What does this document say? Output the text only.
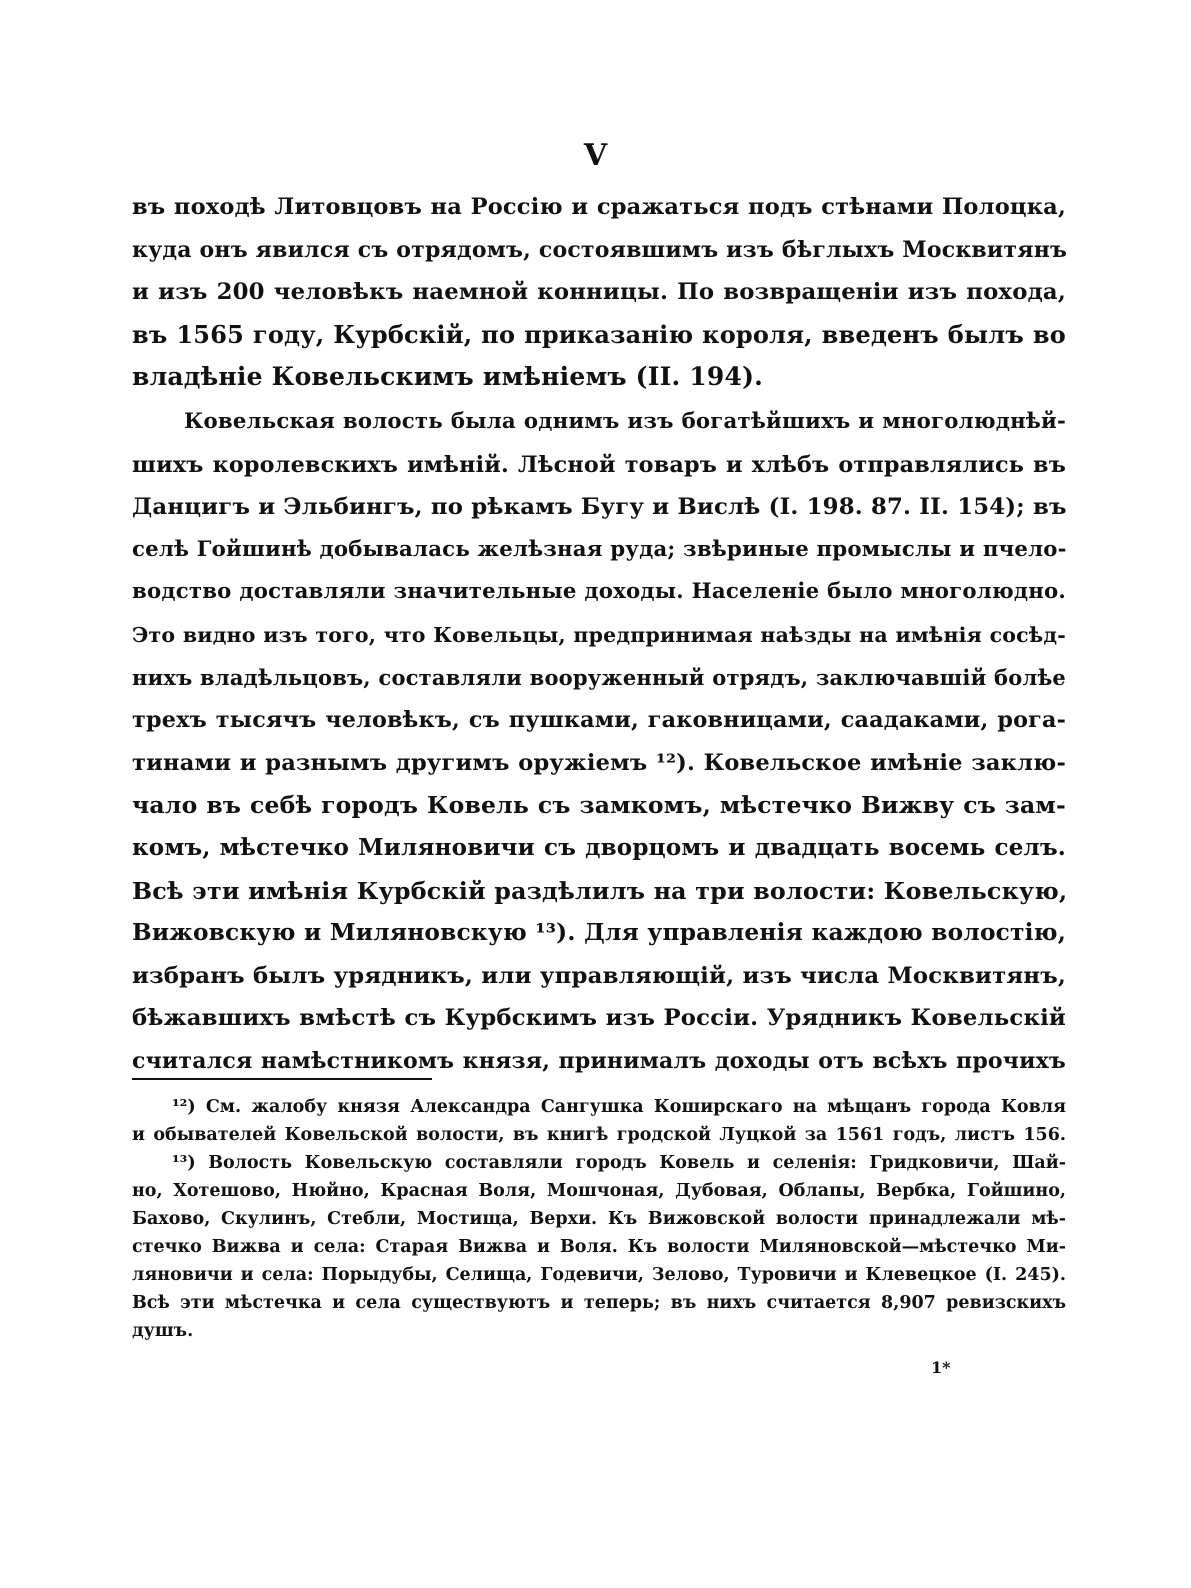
V
въ походѣ Литовцовъ на Россію и сражаться подъ стѣнами Полоцка,
куда онъ явился съ отрядомъ, состоявшимъ изъ бѣглыхъ Москвитянъ
и изъ 200 человѣкъ наемной конницы. По возвращеніи изъ похода,
въ 1565 году, Курбскій, по приказанію короля, введенъ былъ во
владѣніе Ковельскимъ имѣніемъ (II. 194).
Ковельская волость была однимъ изъ богатѣйшихъ и многолюднѣй-
шихъ королевскихъ имѣній. Лѣсной товаръ и хлѣбъ отправлялись въ
Данцигъ и Эльбингъ, по рѣкамъ Бугу и Вислѣ (I. 198. 87. II. 154); въ
селѣ Гойшинѣ добывалась желѣзная руда; звѣриные промыслы и пчело-
водство доставляли значительные доходы. Населеніе было многолюдно.
Это видно изъ того, что Ковельцы, предпринимая наѣзды на имѣнія сосѣд-
нихъ владѣльцовъ, составляли вооруженный отрядъ, заключавшій болѣе
трехъ тысячъ человѣкъ, съ пушками, гаковницами, саадаками, рога-
тинами и разнымъ другимъ оружіемъ ¹²). Ковельское имѣніе заклю-
чало въ себѣ городъ Ковель съ замкомъ, мѣстечко Вижву съ зам-
комъ, мѣстечко Миляновичи съ дворцомъ и двадцать восемь селъ.
Всѣ эти имѣнія Курбскій раздѣлилъ на три волости: Ковельскую,
Вижовскую и Миляновскую ¹³). Для управленія каждою волостію,
избранъ былъ урядникъ, или управляющій, изъ числа Москвитянъ,
бѣжавшихъ вмѣстѣ съ Курбскимъ изъ Россіи. Урядникъ Ковельскій
считался намѣстникомъ князя, принималъ доходы отъ всѣхъ прочихъ
¹²) См. жалобу князя Александра Сангушка Коширскаго на мѣщанъ города Ковля
и обывателей Ковельской волости, въ книгѣ гродской Луцкой за 1561 годъ, листъ 156.
¹³) Волость Ковельскую составляли городъ Ковель и селенія: Гридковичи, Шай-
но, Хотешово, Нюйно, Красная Воля, Мошчоная, Дубовая, Облапы, Вербка, Гойшино,
Бахово, Скулинъ, Стебли, Мостища, Верхи. Къ Вижовской волости принадлежали мѣ-
стечко Вижва и села: Старая Вижва и Воля. Къ волости Миляновской—мѣстечко Ми-
ляновичи и села: Порыдубы, Селища, Годевичи, Зелово, Туровичи и Клевецкое (I. 245).
Всѣ эти мѣстечка и села существуютъ и теперь; въ нихъ считается 8,907 ревизскихъ
душъ.
1*
